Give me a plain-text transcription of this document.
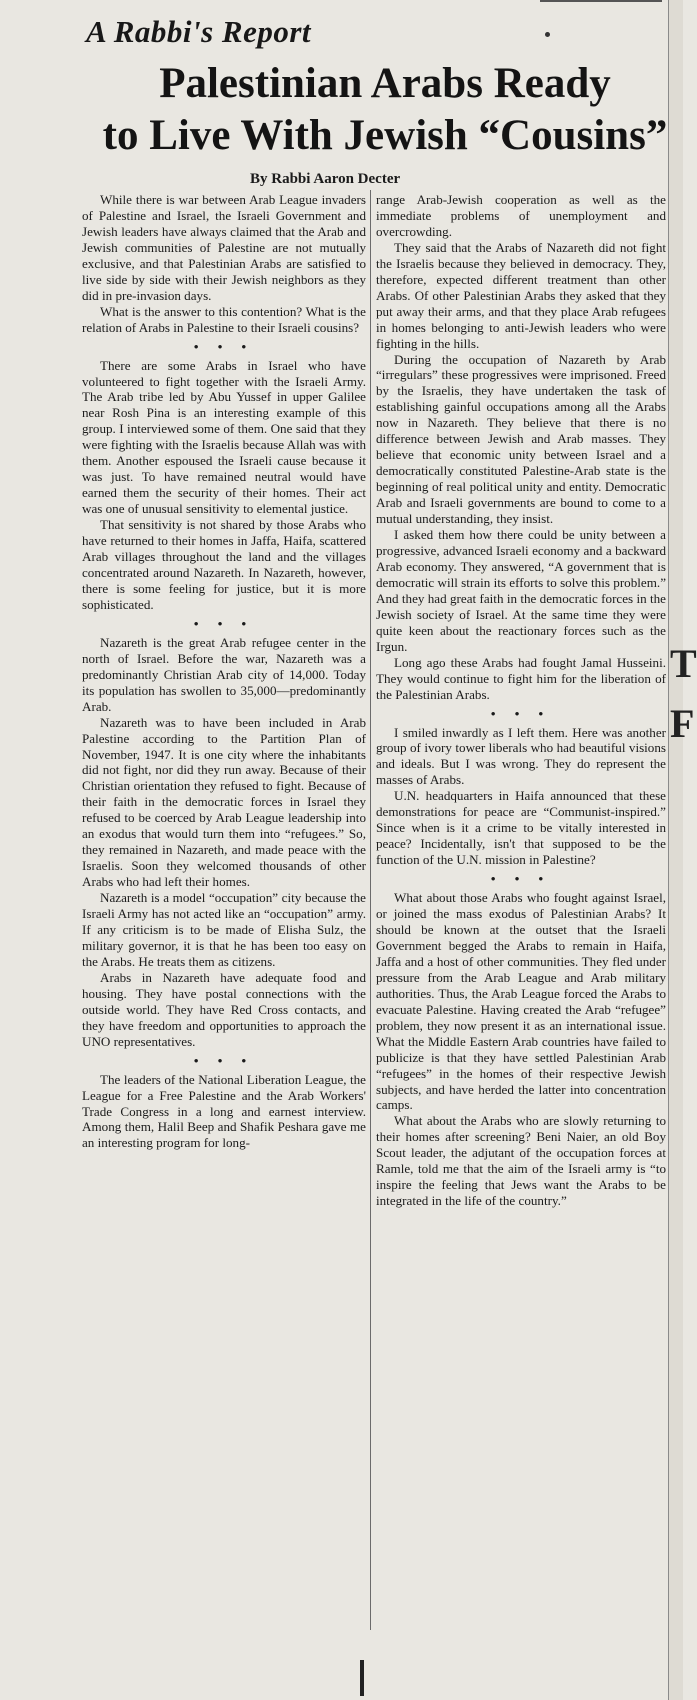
A Rabbi's Report
Palestinian Arabs Ready
to Live With Jewish “Cousins”
By Rabbi Aaron Decter

While there is war between Arab League invaders of Palestine and Israel, the Israeli Government and Jewish leaders have always claimed that the Arab and Jewish communities of Palestine are not mutually exclusive, and that Palestinian Arabs are satisfied to live side by side with their Jewish neighbors as they did in pre-invasion days.

What is the answer to this contention? What is the relation of Arabs in Palestine to their Israeli cousins?

• • •

There are some Arabs in Israel who have volunteered to fight together with the Israeli Army. The Arab tribe led by Abu Yussef in upper Galilee near Rosh Pina is an interesting example of this group. I interviewed some of them. One said that they were fighting with the Israelis because Allah was with them. Another espoused the Israeli cause because it was just. To have remained neutral would have earned them the security of their homes. Their act was one of unusual sensitivity to elemental justice.

That sensitivity is not shared by those Arabs who have returned to their homes in Jaffa, Haifa, scattered Arab villages throughout the land and the villages concentrated around Nazareth. In Nazareth, however, there is some feeling for justice, but it is more sophisticated.

• • •

Nazareth is the great Arab refugee center in the north of Israel. Before the war, Nazareth was a predominantly Christian Arab city of 14,000. Today its population has swollen to 35,000—predominantly Arab.

Nazareth was to have been included in Arab Palestine according to the Partition Plan of November, 1947. It is one city where the inhabitants did not fight, nor did they run away. Because of their Christian orientation they refused to fight. Because of their faith in the democratic forces in Israel they refused to be coerced by Arab League leadership into an exodus that would turn them into “refugees.” So, they remained in Nazareth, and made peace with the Israelis. Soon they welcomed thousands of other Arabs who had left their homes.

Nazareth is a model “occupation” city because the Israeli Army has not acted like an “occupation” army. If any criticism is to be made of Elisha Sulz, the military governor, it is that he has been too easy on the Arabs. He treats them as citizens.

Arabs in Nazareth have adequate food and housing. They have postal connections with the outside world. They have Red Cross contacts, and they have freedom and opportunities to approach the UNO representatives.

• • •

The leaders of the National Liberation League, the League for a Free Palestine and the Arab Workers' Trade Congress in a long and earnest interview. Among them, Halil Beep and Shafik Peshara gave me an interesting program for long-

range Arab-Jewish cooperation as well as the immediate problems of unemployment and overcrowding.

They said that the Arabs of Nazareth did not fight the Israelis because they believed in democracy. They, therefore, expected different treatment than other Arabs. Of other Palestinian Arabs they asked that they put away their arms, and that they place Arab refugees in homes belonging to anti-Jewish leaders who were fighting in the hills.

During the occupation of Nazareth by Arab “irregulars” these progressives were imprisoned. Freed by the Israelis, they have undertaken the task of establishing gainful occupations among all the Arabs now in Nazareth. They believe that there is no difference between Jewish and Arab masses. They believe that economic unity between Israel and a democratically constituted Palestine-Arab state is the beginning of real political unity and entity. Democratic Arab and Israeli governments are bound to come to a mutual understanding, they insist.

I asked them how there could be unity between a progressive, advanced Israeli economy and a backward Arab economy. They answered, “A government that is democratic will strain its efforts to solve this problem.” And they had great faith in the democratic forces in the Jewish society of Israel. At the same time they were quite keen about the reactionary forces such as the Irgun.

Long ago these Arabs had fought Jamal Husseini. They would continue to fight him for the liberation of the Palestinian Arabs.

• • •

I smiled inwardly as I left them. Here was another group of ivory tower liberals who had beautiful visions and ideals. But I was wrong. They do represent the masses of Arabs.

U.N. headquarters in Haifa announced that these demonstrations for peace are “Communist-inspired.” Since when is it a crime to be vitally interested in peace? Incidentally, isn't that supposed to be the function of the U.N. mission in Palestine?

• • •

What about those Arabs who fought against Israel, or joined the mass exodus of Palestinian Arabs? It should be known at the outset that the Israeli Government begged the Arabs to remain in Haifa, Jaffa and a host of other communities. They fled under pressure from the Arab League and Arab military authorities. Thus, the Arab League forced the Arabs to evacuate Palestine. Having created the Arab “refugee” problem, they now present it as an international issue. What the Middle Eastern Arab countries have failed to publicize is that they have settled Palestinian Arab “refugees” in the homes of their respective Jewish subjects, and have herded the latter into concentration camps.

What about the Arabs who are slowly returning to their homes after screening? Beni Naier, an old Boy Scout leader, the adjutant of the occupation forces at Ramle, told me that the aim of the Israeli army is “to inspire the feeling that Jews want the Arabs to be integrated in the life of the country.”

T
F
